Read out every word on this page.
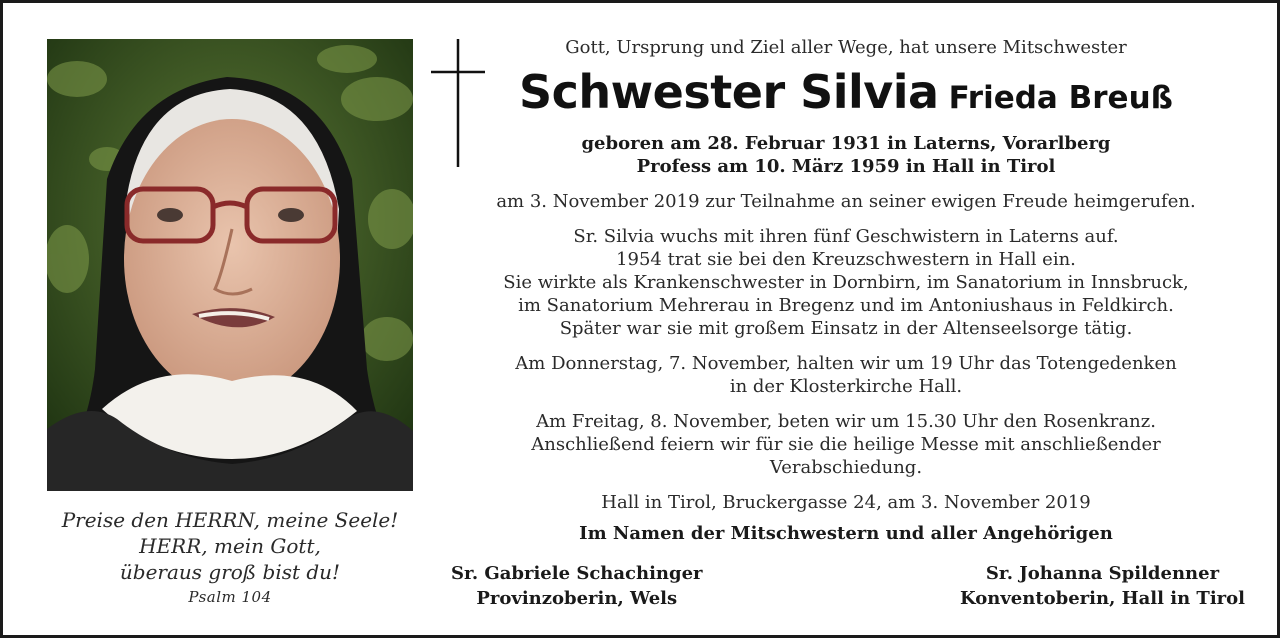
Preise den HERRN, meine Seele!
HERR, mein Gott,
überaus groß bist du!
Psalm 104
Gott, Ursprung und Ziel aller Wege, hat unsere Mitschwester
Schwester Silvia Frieda Breuß
geboren am 28. Februar 1931 in Laterns, Vorarlberg
Profess am 10. März 1959 in Hall in Tirol
am 3. November 2019 zur Teilnahme an seiner ewigen Freude heimgerufen.
Sr. Silvia wuchs mit ihren fünf Geschwistern in Laterns auf.
1954 trat sie bei den Kreuzschwestern in Hall ein.
Sie wirkte als Krankenschwester in Dornbirn, im Sanatorium in Innsbruck,
im Sanatorium Mehrerau in Bregenz und im Antoniushaus in Feldkirch.
Später war sie mit großem Einsatz in der Altenseelsorge tätig.
Am Donnerstag, 7. November, halten wir um 19 Uhr das Totengedenken
in der Klosterkirche Hall.
Am Freitag, 8. November, beten wir um 15.30 Uhr den Rosenkranz.
Anschließend feiern wir für sie die heilige Messe mit anschließender
Verabschiedung.
Hall in Tirol, Bruckergasse 24, am 3. November 2019
Im Namen der Mitschwestern und aller Angehörigen
Sr. Gabriele Schachinger
Provinzoberin, Wels
Sr. Johanna Spildenner
Konventoberin, Hall in Tirol
